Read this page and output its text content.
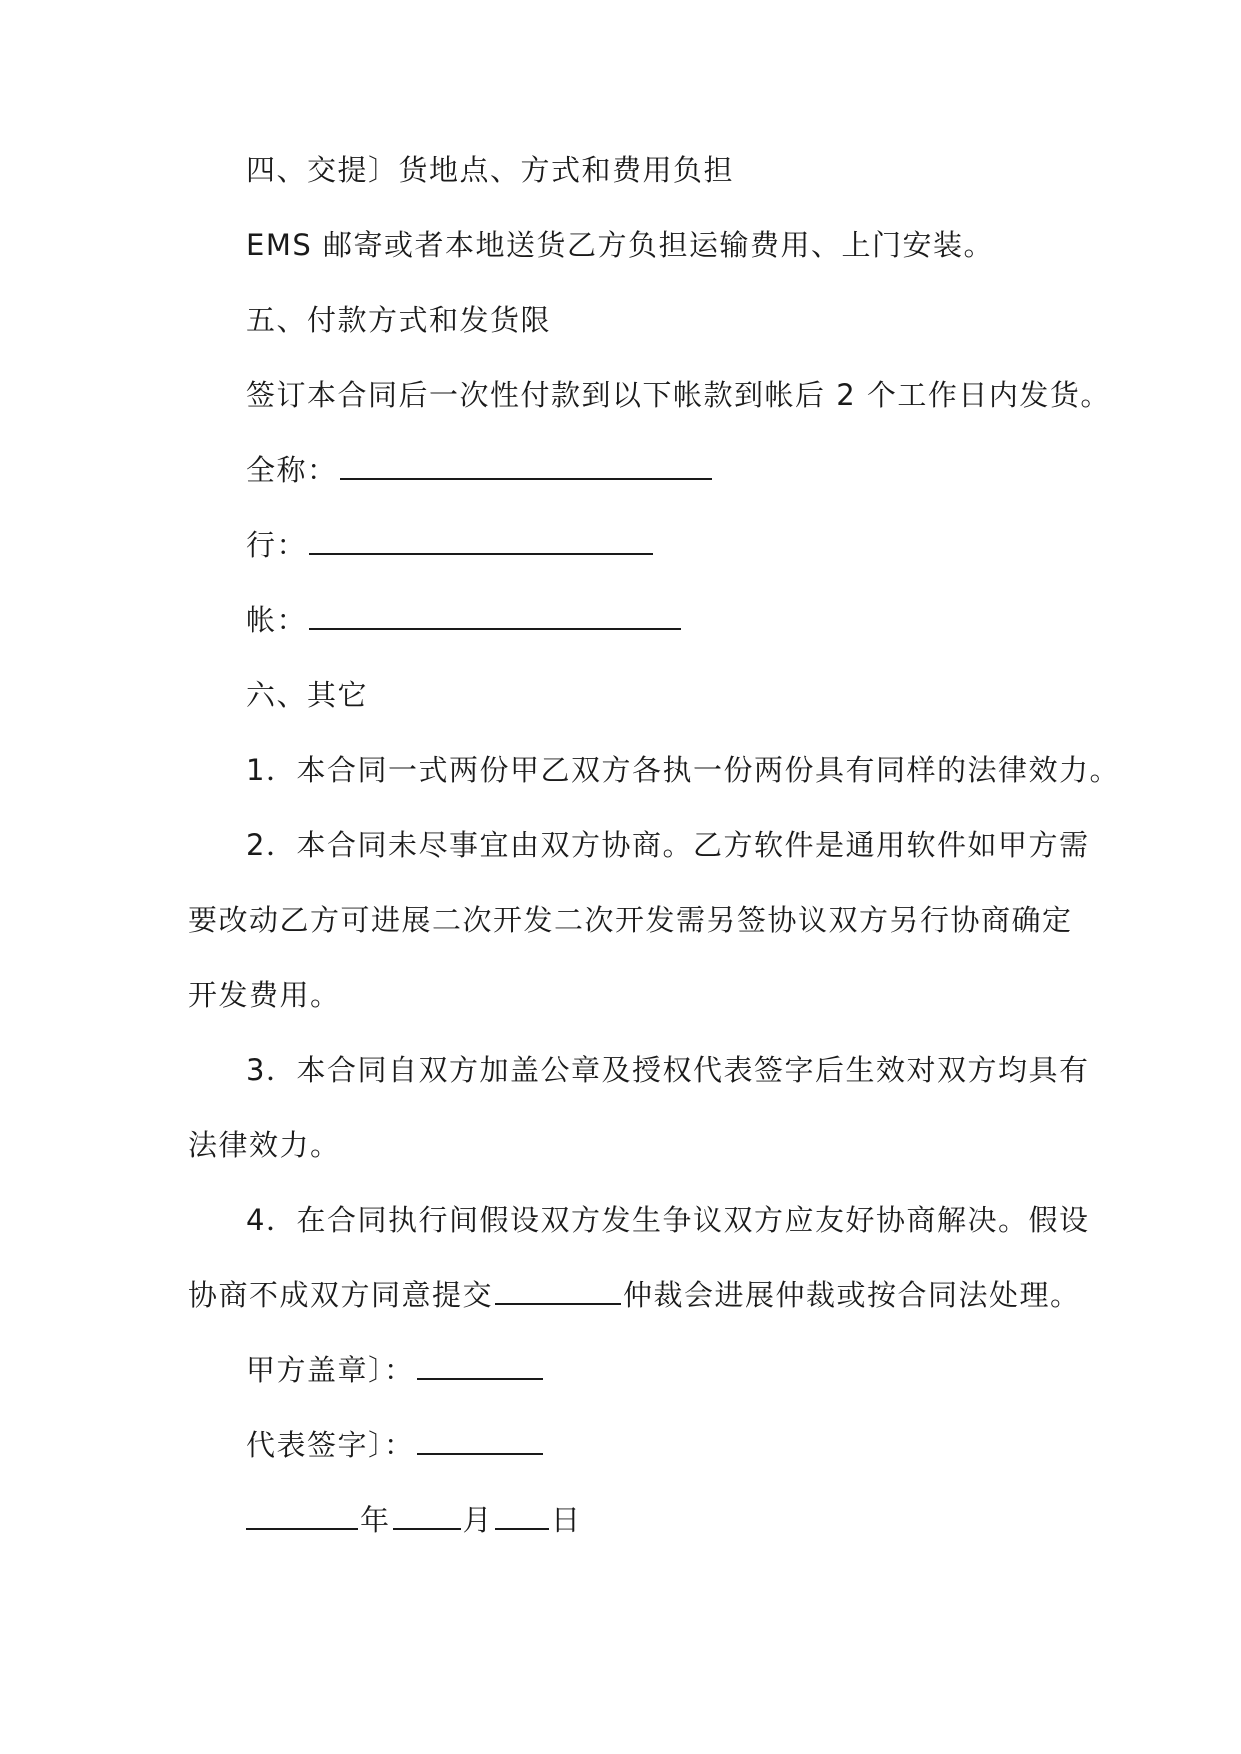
四、交提〕货地点、方式和费用负担
EMS 邮寄或者本地送货乙方负担运输费用、上门安装。
五、付款方式和发货限
签订本合同后一次性付款到以下帐款到帐后 2 个工作日内发货。
全称：
行：
帐：
六、其它
1．本合同一式两份甲乙双方各执一份两份具有同样的法律效力。
2．本合同未尽事宜由双方协商。乙方软件是通用软件如甲方需
要改动乙方可进展二次开发二次开发需另签协议双方另行协商确定
开发费用。
3．本合同自双方加盖公章及授权代表签字后生效对双方均具有
法律效力。
4．在合同执行间假设双方发生争议双方应友好协商解决。假设
协商不成双方同意提交	仲裁会进展仲裁或按合同法处理。
甲方盖章〕：
代表签字〕：
年 月 日
